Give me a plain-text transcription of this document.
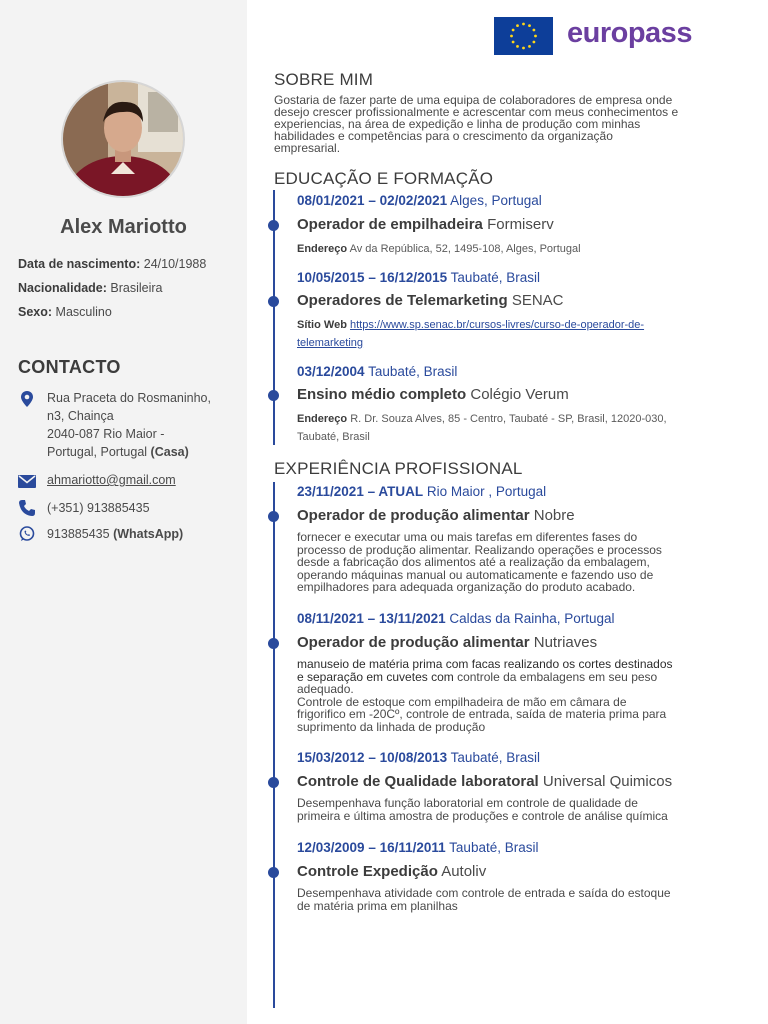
Alex Mariotto
Data de nascimento: 24/10/1988
Nacionalidade: Brasileira
Sexo: Masculino
CONTACTO
Rua Praceta do Rosmaninho,
n3, Chainça
2040-087 Rio Maior -
Portugal, Portugal (Casa)
ahmariotto@gmail.com
(+351) 913885435
913885435 (WhatsApp)
europass
SOBRE MIM
Gostaria de fazer parte de uma equipa de colaboradores de empresa onde
desejo crescer profissionalmente e acrescentar com meus conhecimentos e
experiencias, na área de expedição e linha de produção com minhas
habilidades e competências para o crescimento da organização
empresarial.
EDUCAÇÃO E FORMAÇÃO
08/01/2021 – 02/02/2021 Alges, Portugal
Operador de empilhadeira Formiserv
Endereço Av da República, 52, 1495-108, Alges, Portugal
10/05/2015 – 16/12/2015 Taubaté, Brasil
Operadores de Telemarketing SENAC
Sítio Web https://www.sp.senac.br/cursos-livres/curso-de-operador-de-
telemarketing
03/12/2004 Taubaté, Brasil
Ensino médio completo Colégio Verum
Endereço R. Dr. Souza Alves, 85 - Centro, Taubaté - SP, Brasil, 12020-030,
Taubaté, Brasil
EXPERIÊNCIA PROFISSIONAL
23/11/2021 – ATUAL Rio Maior , Portugal
Operador de produção alimentar Nobre
fornecer e executar uma ou mais tarefas em diferentes fases do
processo de produção alimentar. Realizando operações e processos
desde a fabricação dos alimentos até a realização da embalagem,
operando máquinas manual ou automaticamente e fazendo uso de
empilhadores para adequada organização do produto acabado.
08/11/2021 – 13/11/2021 Caldas da Rainha, Portugal
Operador de produção alimentar Nutriaves
manuseio de matéria prima com facas realizando os cortes destinados
e separação em cuvetes com controle da embalagens em seu peso
adequado.
Controle de estoque com empilhadeira de mão em câmara de
frigorifico em -20Cº, controle de entrada, saída de materia prima para
suprimento da linhada de produção
15/03/2012 – 10/08/2013 Taubaté, Brasil
Controle de Qualidade laboratoral Universal Quimicos
Desempenhava função laboratorial em controle de qualidade de
primeira e última amostra de produções e controle de análise química
12/03/2009 – 16/11/2011 Taubaté, Brasil
Controle Expedição Autoliv
Desempenhava atividade com controle de entrada e saída do estoque
de matéria prima em planilhas
